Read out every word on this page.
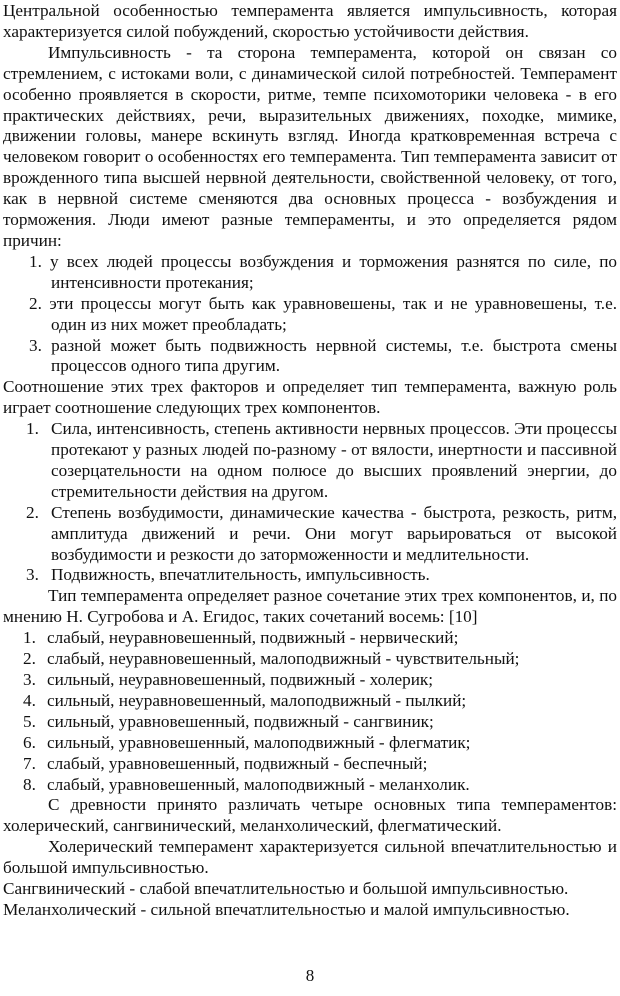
Центральной особенностью темперамента является импульсивность, которая характеризуется силой побуждений, скоростью устойчивости действия.

Импульсивность - та сторона темперамента, которой он связан со стремлением, с истоками воли, с динамической силой потребностей. Темперамент особенно проявляется в скорости, ритме, темпе психомоторики человека - в его практических действиях, речи, выразительных движениях, походке, мимике, движении головы, манере вскинуть взгляд. Иногда кратковременная встреча с человеком говорит о особенностях его темперамента. Тип темперамента зависит от врожденного типа высшей нервной деятельности, свойственной человеку, от того, как в нервной системе сменяются два основных процесса - возбуждения и торможения. Люди имеют разные темпераменты, и это определяется рядом причин:

1. у всех людей процессы возбуждения и торможения разнятся по силе, по интенсивности протекания;
2. эти процессы могут быть как уравновешены, так и не уравновешены, т.е. один из них может преобладать;
3. разной может быть подвижность нервной системы, т.е. быстрота смены процессов одного типа другим.

Соотношение этих трех факторов и определяет тип темперамента, важную роль играет соотношение следующих трех компонентов.

1. Сила, интенсивность, степень активности нервных процессов. Эти процессы протекают у разных людей по-разному - от вялости, инертности и пассивной созерцательности на одном полюсе до высших проявлений энергии, до стремительности действия на другом.
2. Степень возбудимости, динамические качества - быстрота, резкость, ритм, амплитуда движений и речи. Они могут варьироваться от высокой возбудимости и резкости до заторможенности и медлительности.
3. Подвижность, впечатлительность, импульсивность.

Тип темперамента определяет разное сочетание этих трех компонентов, и, по мнению Н. Сугробова и А. Егидос, таких сочетаний восемь: [10]

1. слабый, неуравновешенный, подвижный - нервический;
2. слабый, неуравновешенный, малоподвижный - чувствительный;
3. сильный, неуравновешенный, подвижный - холерик;
4. сильный, неуравновешенный, малоподвижный - пылкий;
5. сильный, уравновешенный, подвижный - сангвиник;
6. сильный, уравновешенный, малоподвижный - флегматик;
7. слабый, уравновешенный, подвижный - беспечный;
8. слабый, уравновешенный, малоподвижный - меланхолик.

С древности принято различать четыре основных типа темпераментов: холерический, сангвинический, меланхолический, флегматический.

Холерический темперамент характеризуется сильной впечатлительностью и большой импульсивностью.

Сангвинический - слабой впечатлительностью и большой импульсивностью.

Меланхолический - сильной впечатлительностью и малой импульсивностью.

8
